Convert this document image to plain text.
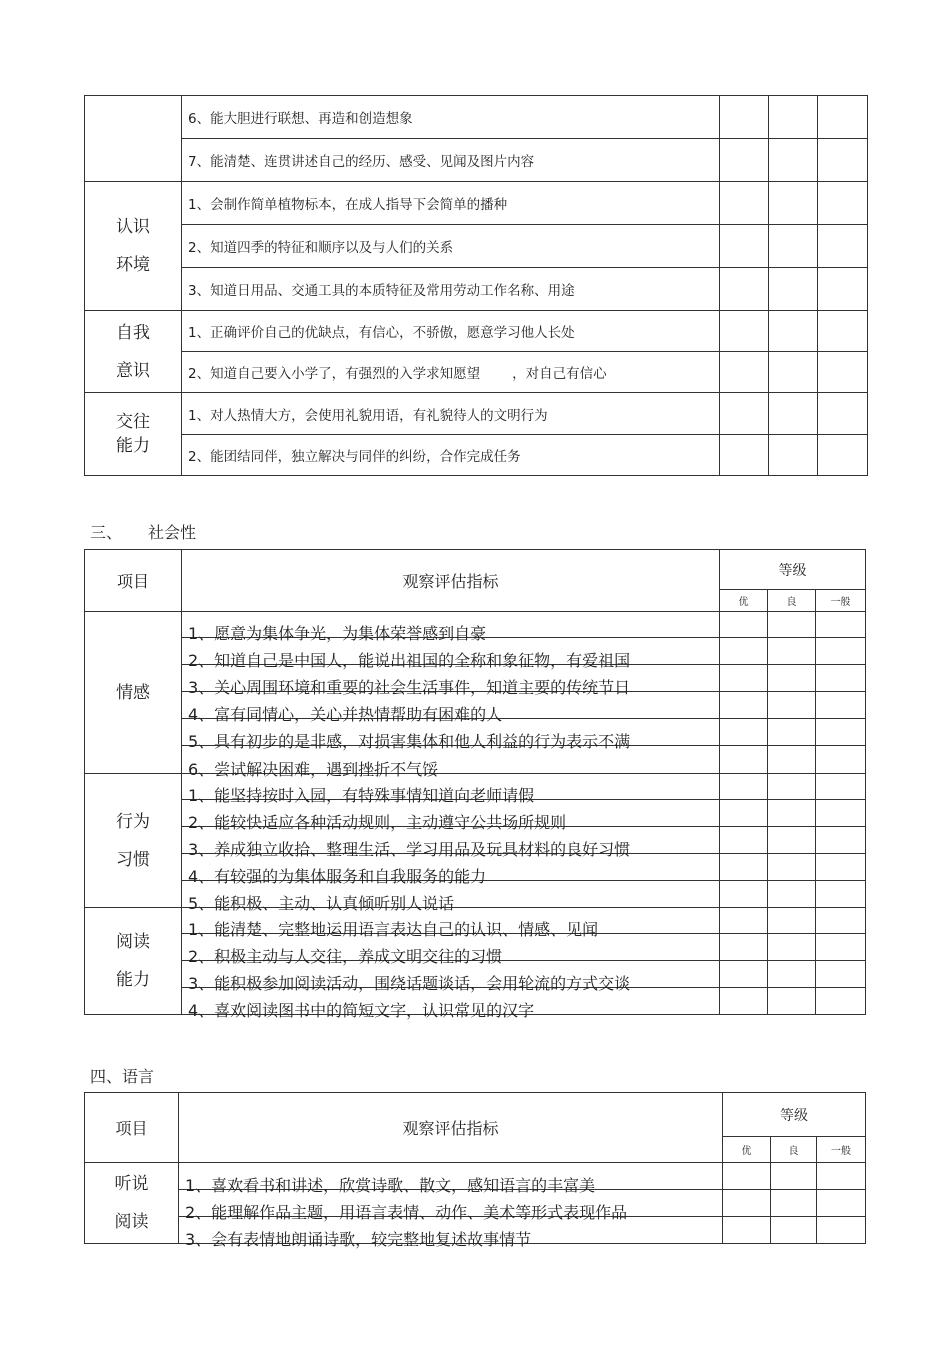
	6、能大胆进行联想、再造和创造想象			
	7、能清楚、连贯讲述自己的经历、感受、见闻及图片内容			

认识
环境	1、会制作简单植物标本，在成人指导下会简单的播种			
	2、知道四季的特征和顺序以及与人们的关系			
	3、知道日用品、交通工具的本质特征及常用劳动工作名称、用途			

自我
意识	1、正确评价自己的优缺点，有信心，不骄傲，愿意学习他人长处			
	2、知道自己要入小学了，有强烈的入学求知愿望 ，对自己有信心			

交往
能力	1、对人热情大方，会使用礼貌用语，有礼貌待人的文明行为			
	2、能团结同伴，独立解决与同伴的纠纷，合作完成任务			
三、 社会性
项目	观察评估指标	等级		
		优	良	一般

情感	1、愿意为集体争光，为集体荣誉感到自豪			
	2、知道自己是中国人，能说出祖国的全称和象征物，有爱祖国			
	3、关心周围环境和重要的社会生活事件，知道主要的传统节日			
	4、富有同情心，关心并热情帮助有困难的人			
	5、具有初步的是非感，对损害集体和他人利益的行为表示不满			
	6、尝试解决困难，遇到挫折不气馁			

行为
习惯	1、能坚持按时入园，有特殊事情知道向老师请假			
	2、能较快适应各种活动规则，主动遵守公共场所规则			
	3、养成独立收拾、整理生活、学习用品及玩具材料的良好习惯			
	4、有较强的为集体服务和自我服务的能力			
	5、能积极、主动、认真倾听别人说话			

阅读
能力	1、能清楚、完整地运用语言表达自己的认识、情感、见闻			
	2、积极主动与人交往，养成文明交往的习惯			
	3、能积极参加阅读活动，围绕话题谈话，会用轮流的方式交谈			
	4、喜欢阅读图书中的简短文字，认识常见的汉字			
四、语言
项目	观察评估指标	等级		
		优	良	一般

听说
阅读	1、喜欢看书和讲述，欣赏诗歌、散文，感知语言的丰富美			
	2、能理解作品主题，用语言表情、动作、美术等形式表现作品			
	3、会有表情地朗诵诗歌，较完整地复述故事情节			
